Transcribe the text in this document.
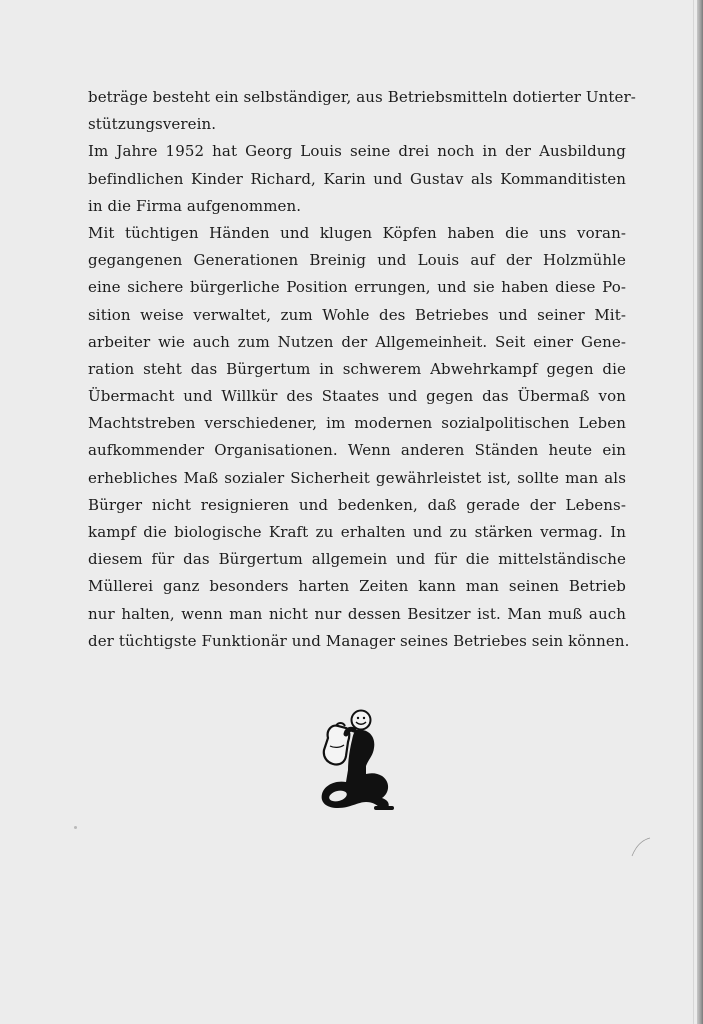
beträge besteht ein selbständiger, aus Betriebsmitteln dotierter Unter-
stützungsverein.
Im Jahre 1952 hat Georg Louis seine drei noch in der Ausbildung
befindlichen Kinder Richard, Karin und Gustav als Kommanditisten
in die Firma aufgenommen.
Mit tüchtigen Händen und klugen Köpfen haben die uns voran-
gegangenen Generationen Breinig und Louis auf der Holzmühle
eine sichere bürgerliche Position errungen, und sie haben diese Po-
sition weise verwaltet, zum Wohle des Betriebes und seiner Mit-
arbeiter wie auch zum Nutzen der Allgemeinheit. Seit einer Gene-
ration steht das Bürgertum in schwerem Abwehrkampf gegen die
Übermacht und Willkür des Staates und gegen das Übermaß von
Machtstreben verschiedener, im modernen sozialpolitischen Leben
aufkommender Organisationen. Wenn anderen Ständen heute ein
erhebliches Maß sozialer Sicherheit gewährleistet ist, sollte man als
Bürger nicht resignieren und bedenken, daß gerade der Lebens-
kampf die biologische Kraft zu erhalten und zu stärken vermag. In
diesem für das Bürgertum allgemein und für die mittelständische
Müllerei ganz besonders harten Zeiten kann man seinen Betrieb
nur halten, wenn man nicht nur dessen Besitzer ist. Man muß auch
der tüchtigste Funktionär und Manager seines Betriebes sein können.
